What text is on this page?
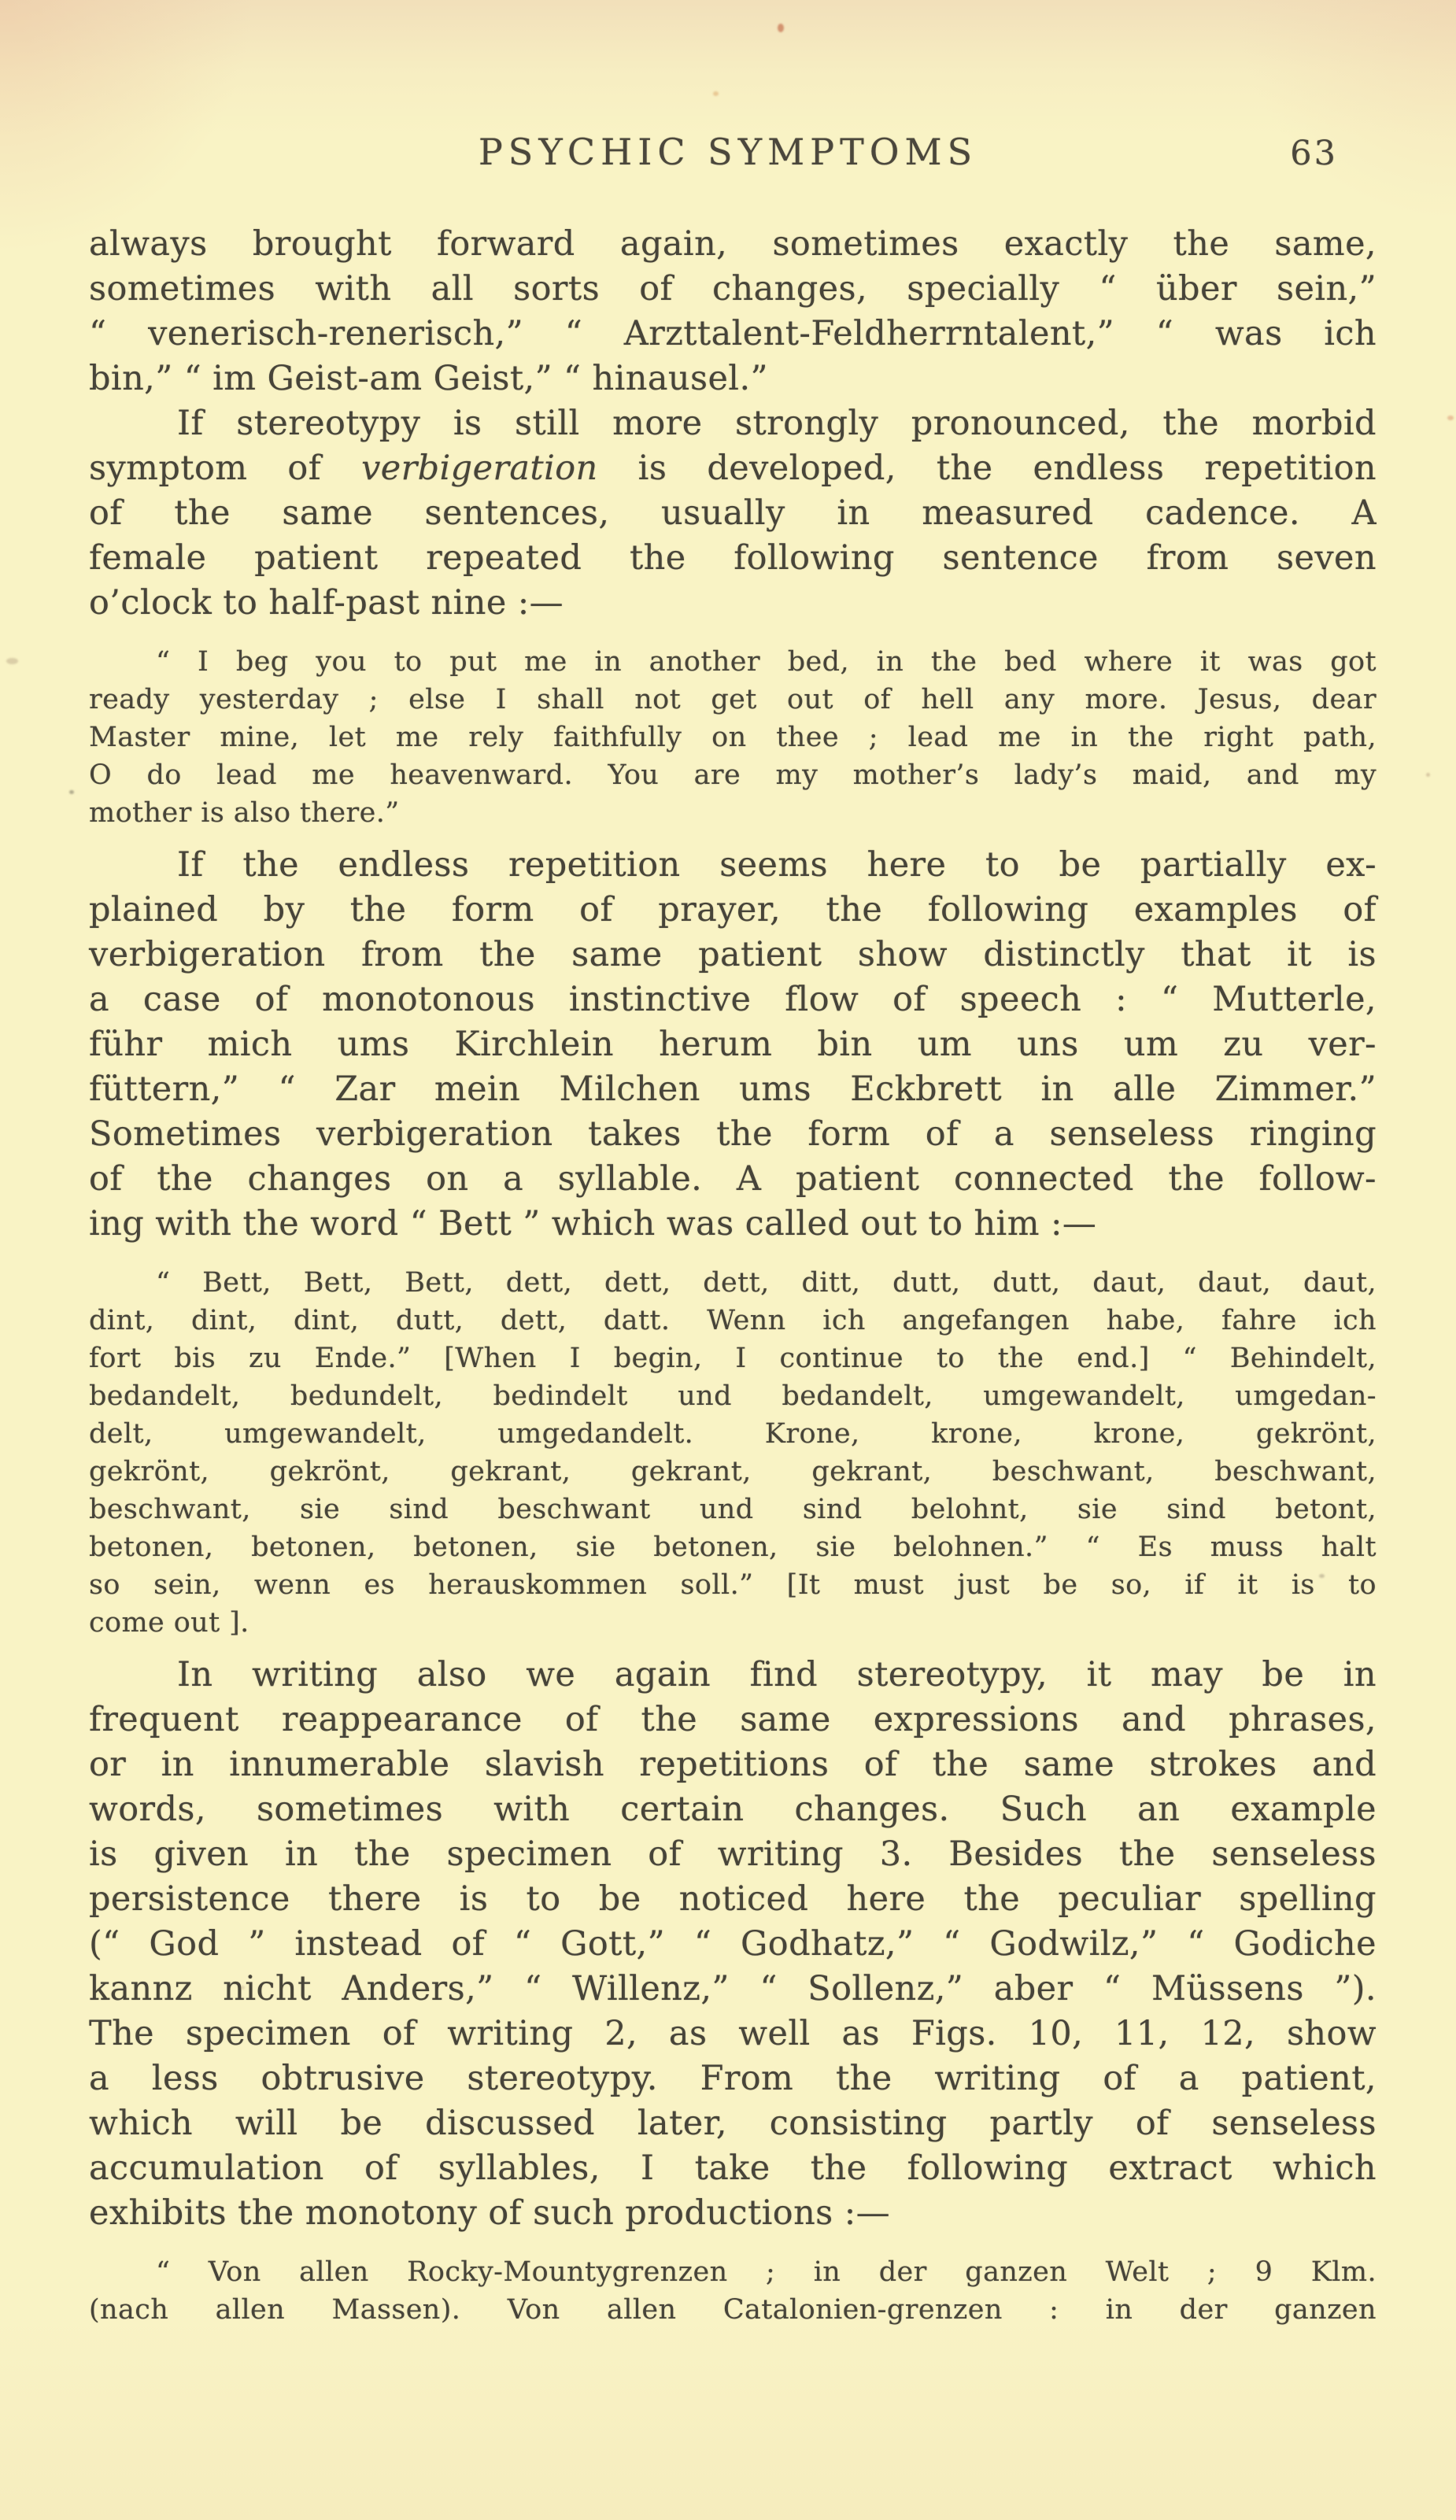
PSYCHIC SYMPTOMS	63
always brought forward again, sometimes exactly the same,
sometimes with all sorts of changes, specially “ über sein,”
“ venerisch-renerisch,” “ Arzttalent-Feldherrntalent,” “ was ich
bin,” “ im Geist-am Geist,” “ hinausel.”
If stereotypy is still more strongly pronounced, the morbid
symptom of verbigeration is developed, the endless repetition
of the same sentences, usually in measured cadence. A
female patient repeated the following sentence from seven
o’clock to half-past nine :—
“ I beg you to put me in another bed, in the bed where it was got
ready yesterday ; else I shall not get out of hell any more. Jesus, dear
Master mine, let me rely faithfully on thee ; lead me in the right path,
O do lead me heavenward. You are my mother’s lady’s maid, and my
mother is also there.”
If the endless repetition seems here to be partially ex-
plained by the form of prayer, the following examples of
verbigeration from the same patient show distinctly that it is
a case of monotonous instinctive flow of speech : “ Mutterle,
führ mich ums Kirchlein herum bin um uns um zu ver-
füttern,” “ Zar mein Milchen ums Eckbrett in alle Zimmer.”
Sometimes verbigeration takes the form of a senseless ringing
of the changes on a syllable. A patient connected the follow-
ing with the word “ Bett ” which was called out to him :—
“ Bett, Bett, Bett, dett, dett, dett, ditt, dutt, dutt, daut, daut, daut,
dint, dint, dint, dutt, dett, datt. Wenn ich angefangen habe, fahre ich
fort bis zu Ende.” [When I begin, I continue to the end.] “ Behindelt,
bedandelt, bedundelt, bedindelt und bedandelt, umgewandelt, umgedan-
delt, umgewandelt, umgedandelt. Krone, krone, krone, gekrönt,
gekrönt, gekrönt, gekrant, gekrant, gekrant, beschwant, beschwant,
beschwant, sie sind beschwant und sind belohnt, sie sind betont,
betonen, betonen, betonen, sie betonen, sie belohnen.” “ Es muss halt
so sein, wenn es herauskommen soll.” [It must just be so, if it is to
come out ].
In writing also we again find stereotypy, it may be in
frequent reappearance of the same expressions and phrases,
or in innumerable slavish repetitions of the same strokes and
words, sometimes with certain changes. Such an example
is given in the specimen of writing 3. Besides the senseless
persistence there is to be noticed here the peculiar spelling
(“ God ” instead of “ Gott,” “ Godhatz,” “ Godwilz,” “ Godiche
kannz nicht Anders,” “ Willenz,” “ Sollenz,” aber “ Müssens ”).
The specimen of writing 2, as well as Figs. 10, 11, 12, show
a less obtrusive stereotypy. From the writing of a patient,
which will be discussed later, consisting partly of senseless
accumulation of syllables, I take the following extract which
exhibits the monotony of such productions :—
“ Von allen Rocky-Mountygrenzen ; in der ganzen Welt ; 9 Klm.
(nach allen Massen). Von allen Catalonien-grenzen : in der ganzen
